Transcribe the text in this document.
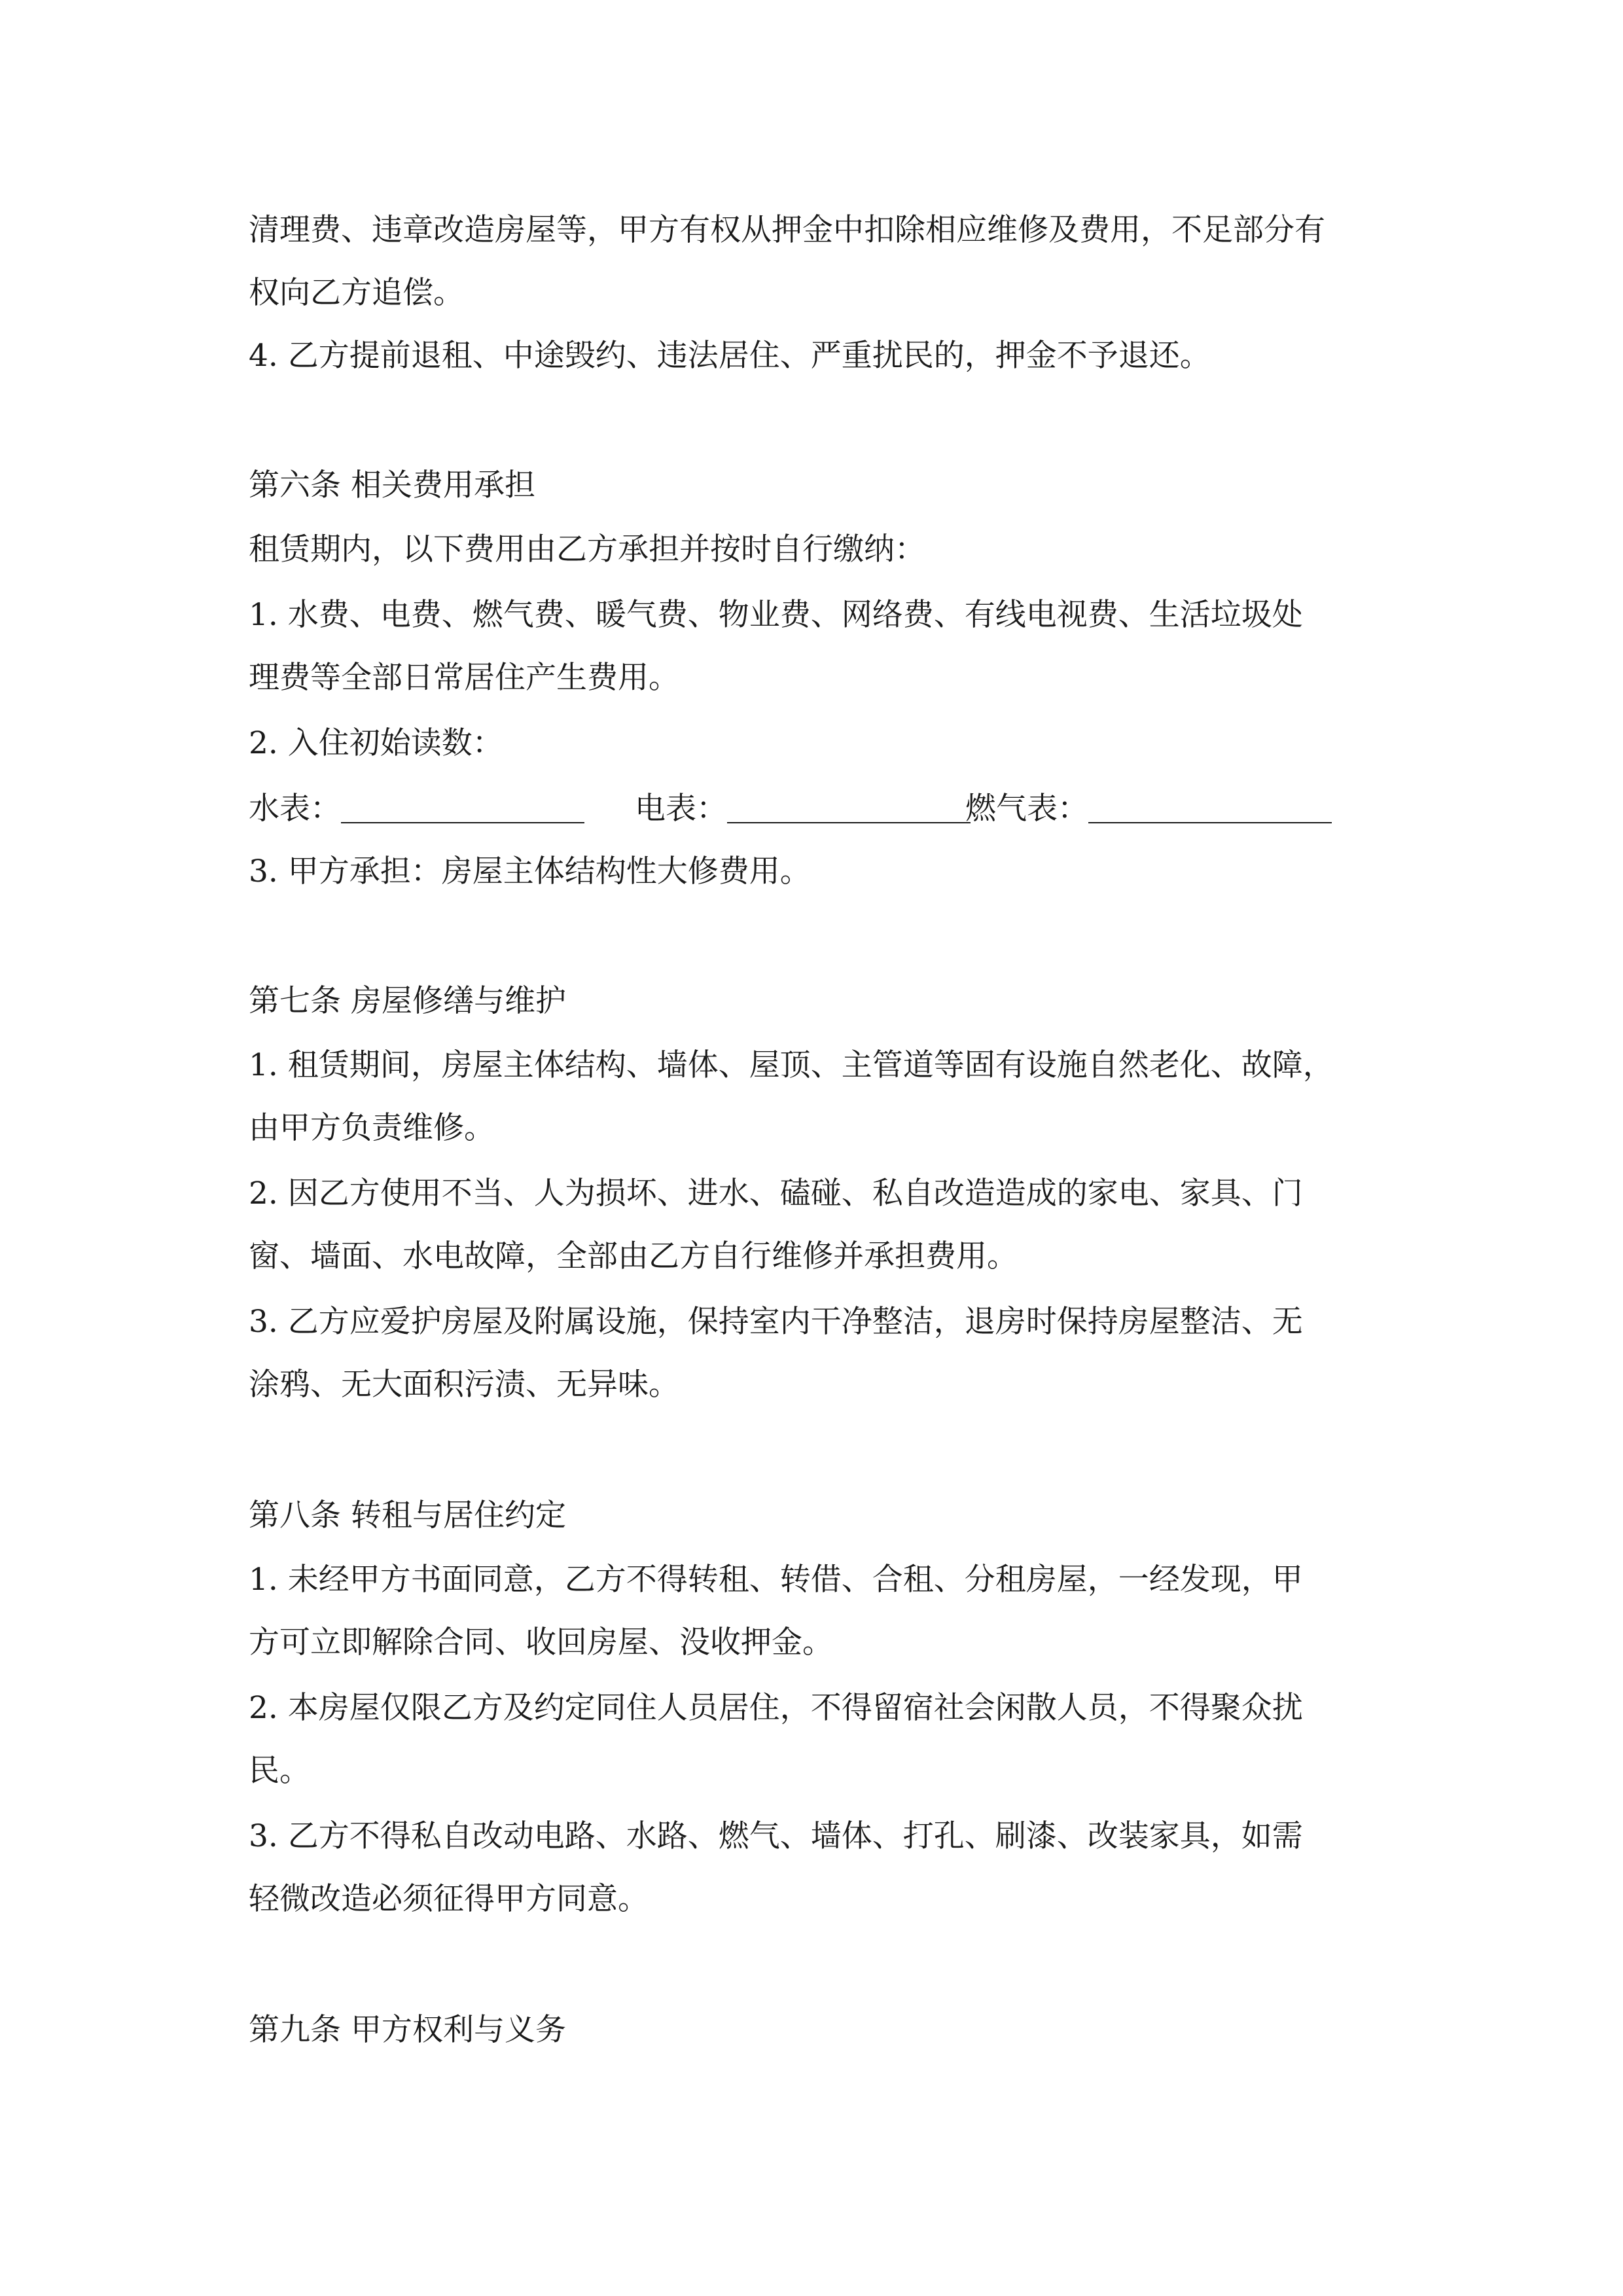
清理费、违章改造房屋等，甲方有权从押金中扣除相应维修及费用，不足部分有
权向乙方追偿。
4. 乙方提前退租、中途毁约、违法居住、严重扰民的，押金不予退还。
第六条 相关费用承担
租赁期内，以下费用由乙方承担并按时自行缴纳：
1. 水费、电费、燃气费、暖气费、物业费、网络费、有线电视费、生活垃圾处
理费等全部日常居住产生费用。
2. 入住初始读数：
水表：	电表：	燃气表：
3. 甲方承担：房屋主体结构性大修费用。
第七条 房屋修缮与维护
1. 租赁期间，房屋主体结构、墙体、屋顶、主管道等固有设施自然老化、故障，
由甲方负责维修。
2. 因乙方使用不当、人为损坏、进水、磕碰、私自改造造成的家电、家具、门
窗、墙面、水电故障，全部由乙方自行维修并承担费用。
3. 乙方应爱护房屋及附属设施，保持室内干净整洁，退房时保持房屋整洁、无
涂鸦、无大面积污渍、无异味。
第八条 转租与居住约定
1. 未经甲方书面同意，乙方不得转租、转借、合租、分租房屋，一经发现，甲
方可立即解除合同、收回房屋、没收押金。
2. 本房屋仅限乙方及约定同住人员居住，不得留宿社会闲散人员，不得聚众扰
民。
3. 乙方不得私自改动电路、水路、燃气、墙体、打孔、刷漆、改装家具，如需
轻微改造必须征得甲方同意。
第九条 甲方权利与义务
